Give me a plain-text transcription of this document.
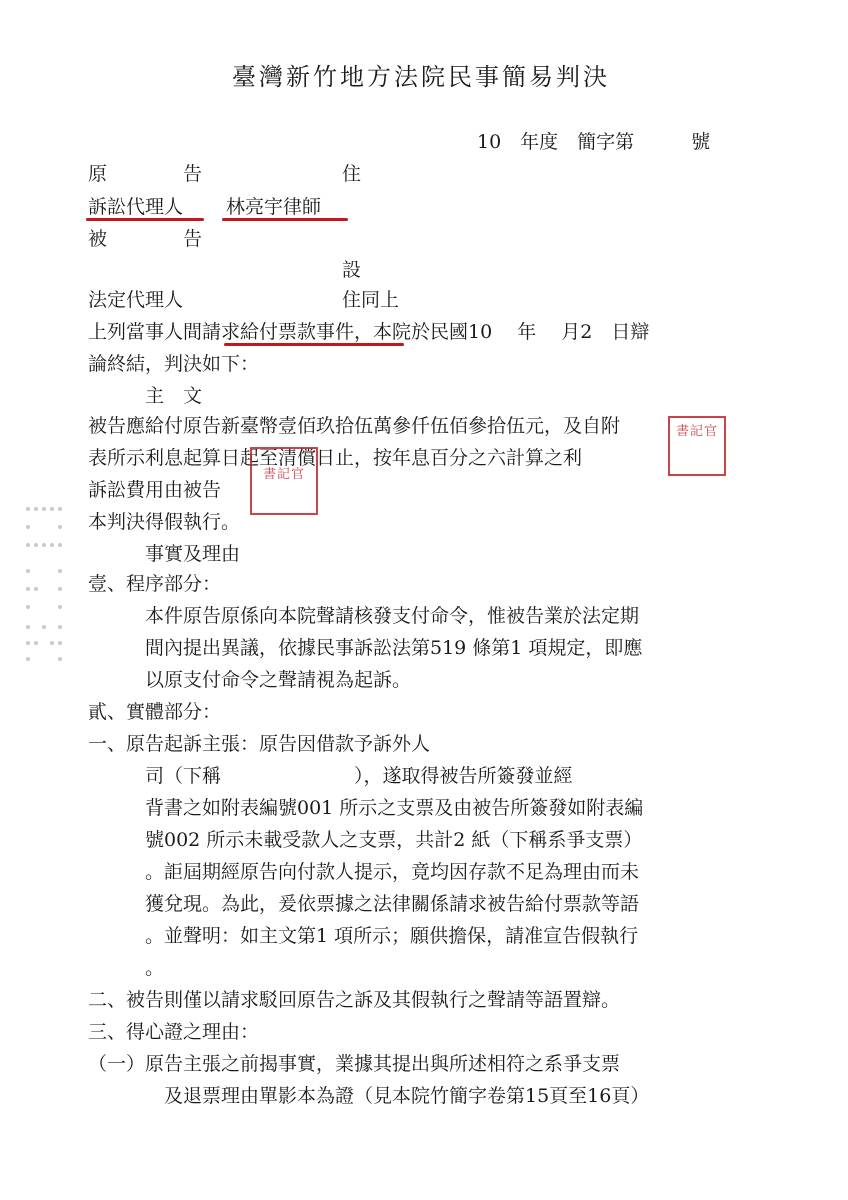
臺灣新竹地方法院民事簡易判決
10　年度　簡字第　　　號
原　　　　告	住
訴訟代理人 林亮宇律師
被　　　　告
設
法定代理人	住同上
上列當事人間請求給付票款事件，本院於民國10　 年　 月2　日辯
論終結，判決如下：
主　文
被告應給付原告新臺幣壹佰玖拾伍萬參仟伍佰參拾伍元，及自附
表所示利息起算日起至清償日止，按年息百分之六計算之利
訴訟費用由被告
本判決得假執行。
書記官
書記官
事實及理由
壹、程序部分：
本件原告原係向本院聲請核發支付命令，惟被告業於法定期
間內提出異議，依據民事訴訟法第519 條第1 項規定，即應
以原支付命令之聲請視為起訴。
貳、實體部分：
一、原告起訴主張：原告因借款予訴外人
司（下稱　　　　　　　），遂取得被告所簽發並經
背書之如附表編號001 所示之支票及由被告所簽發如附表編
號002 所示未載受款人之支票，共計2 紙（下稱系爭支票）
。詎屆期經原告向付款人提示，竟均因存款不足為理由而未
獲兌現。為此，爰依票據之法律關係請求被告給付票款等語
。並聲明：如主文第1 項所示；願供擔保，請准宣告假執行
。
二、被告則僅以請求駁回原告之訴及其假執行之聲請等語置辯。
三、得心證之理由：
（一）原告主張之前揭事實，業據其提出與所述相符之系爭支票
及退票理由單影本為證（見本院竹簡字卷第15頁至16頁）
